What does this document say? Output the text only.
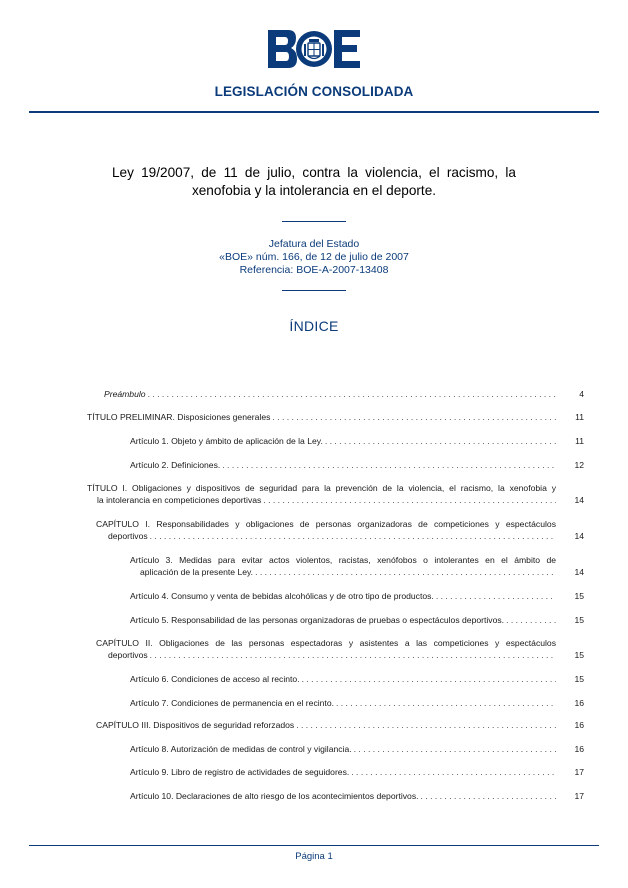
LEGISLACIÓN CONSOLIDADA
Ley 19/2007, de 11 de julio, contra la violencia, el racismo, la
xenofobia y la intolerancia en el deporte.
Jefatura del Estado
«BOE» núm. 166, de 12 de julio de 2007
Referencia: BOE-A-2007-13408
ÍNDICE
Preámbulo . . .	4
TÍTULO PRELIMINAR. Disposiciones generales . . .	11
Artículo 1. Objeto y ámbito de aplicación de la Ley. . . .	11
Artículo 2. Definiciones. . . .	12
TÍTULO I. Obligaciones y dispositivos de seguridad para la prevención de la violencia, el racismo, la xenofobia y
la intolerancia en competiciones deportivas . . .	14
CAPÍTULO I. Responsabilidades y obligaciones de personas organizadoras de competiciones y espectáculos
deportivos . . .	14
Artículo 3. Medidas para evitar actos violentos, racistas, xenófobos o intolerantes en el ámbito de
aplicación de la presente Ley. . . .	14
Artículo 4. Consumo y venta de bebidas alcohólicas y de otro tipo de productos. . . .	15
Artículo 5. Responsabilidad de las personas organizadoras de pruebas o espectáculos deportivos. . . .	15
CAPÍTULO II. Obligaciones de las personas espectadoras y asistentes a las competiciones y espectáculos
deportivos . . .	15
Artículo 6. Condiciones de acceso al recinto. . . .	15
Artículo 7. Condiciones de permanencia en el recinto. . . .	16
CAPÍTULO III. Dispositivos de seguridad reforzados . . .	16
Artículo 8. Autorización de medidas de control y vigilancia. . . .	16
Artículo 9. Libro de registro de actividades de seguidores. . . .	17
Artículo 10. Declaraciones de alto riesgo de los acontecimientos deportivos. . . .	17
Página 1
